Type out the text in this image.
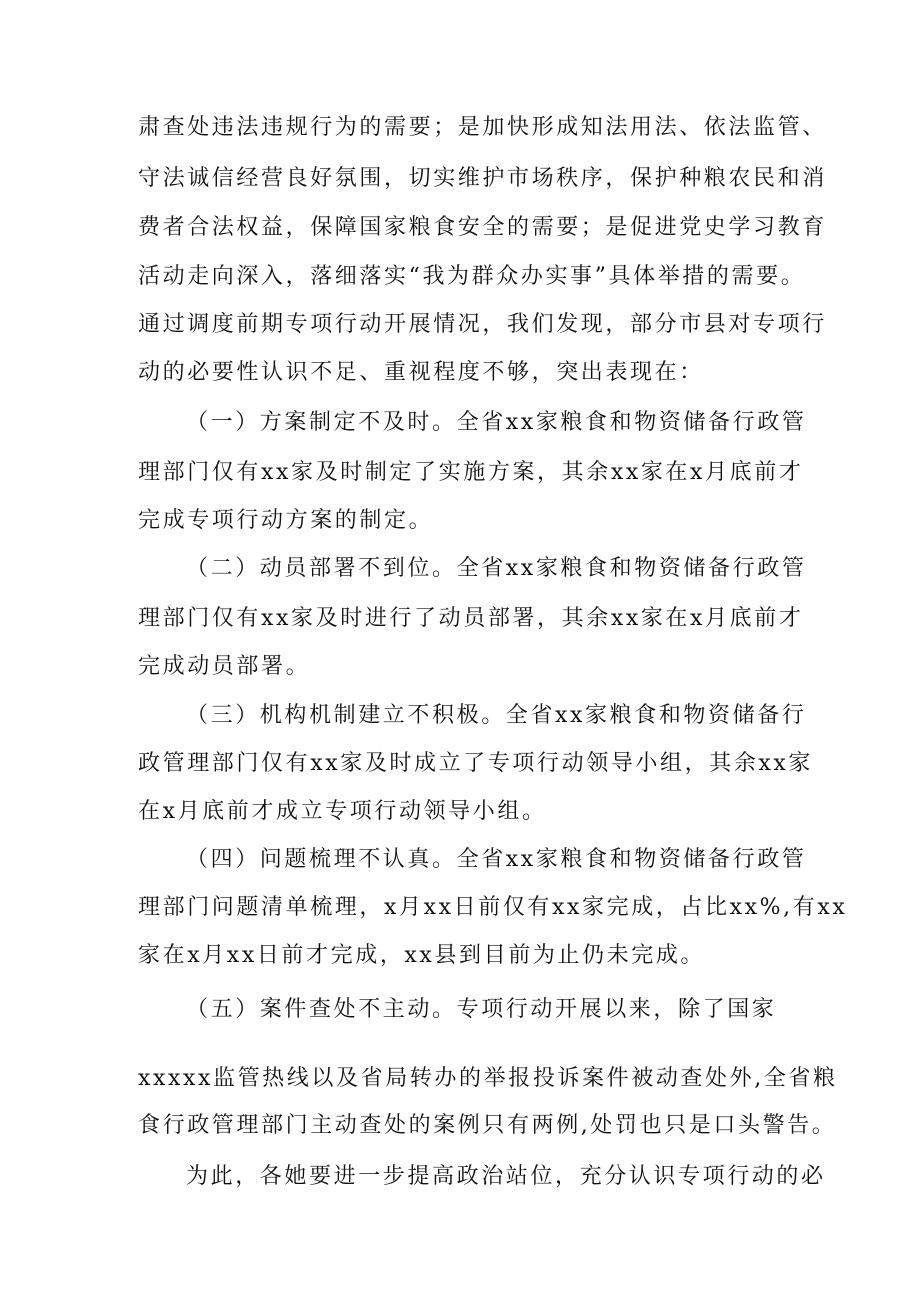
肃查处违法违规行为的需要；是加快形成知法用法、依法监管、
守法诚信经营良好氛围，切实维护市场秩序，保护种粮农民和消
费者合法权益，保障国家粮食安全的需要；是促进党史学习教育
活动走向深入，落细落实“我为群众办实事”具体举措的需要。
通过调度前期专项行动开展情况，我们发现，部分市县对专项行
动的必要性认识不足、重视程度不够，突出表现在：
（一）方案制定不及时。全省xx家粮食和物资储备行政管
理部门仅有xx家及时制定了实施方案，其余xx家在x月底前才
完成专项行动方案的制定。
（二）动员部署不到位。全省xx家粮食和物资储备行政管
理部门仅有xx家及时进行了动员部署，其余xx家在x月底前才
完成动员部署。
（三）机构机制建立不积极。全省xx家粮食和物资储备行
政管理部门仅有xx家及时成立了专项行动领导小组，其余xx家
在x月底前才成立专项行动领导小组。
（四）问题梳理不认真。全省xx家粮食和物资储备行政管
理部门问题清单梳理，x月xx日前仅有xx家完成，占比xx%,有xx
家在x月xx日前才完成，xx县到目前为止仍未完成。
（五）案件查处不主动。专项行动开展以来，除了国家
xxxxx监管热线以及省局转办的举报投诉案件被动查处外,全省粮
食行政管理部门主动查处的案例只有两例,处罚也只是口头警告。
为此，各她要进一步提高政治站位，充分认识专项行动的必
